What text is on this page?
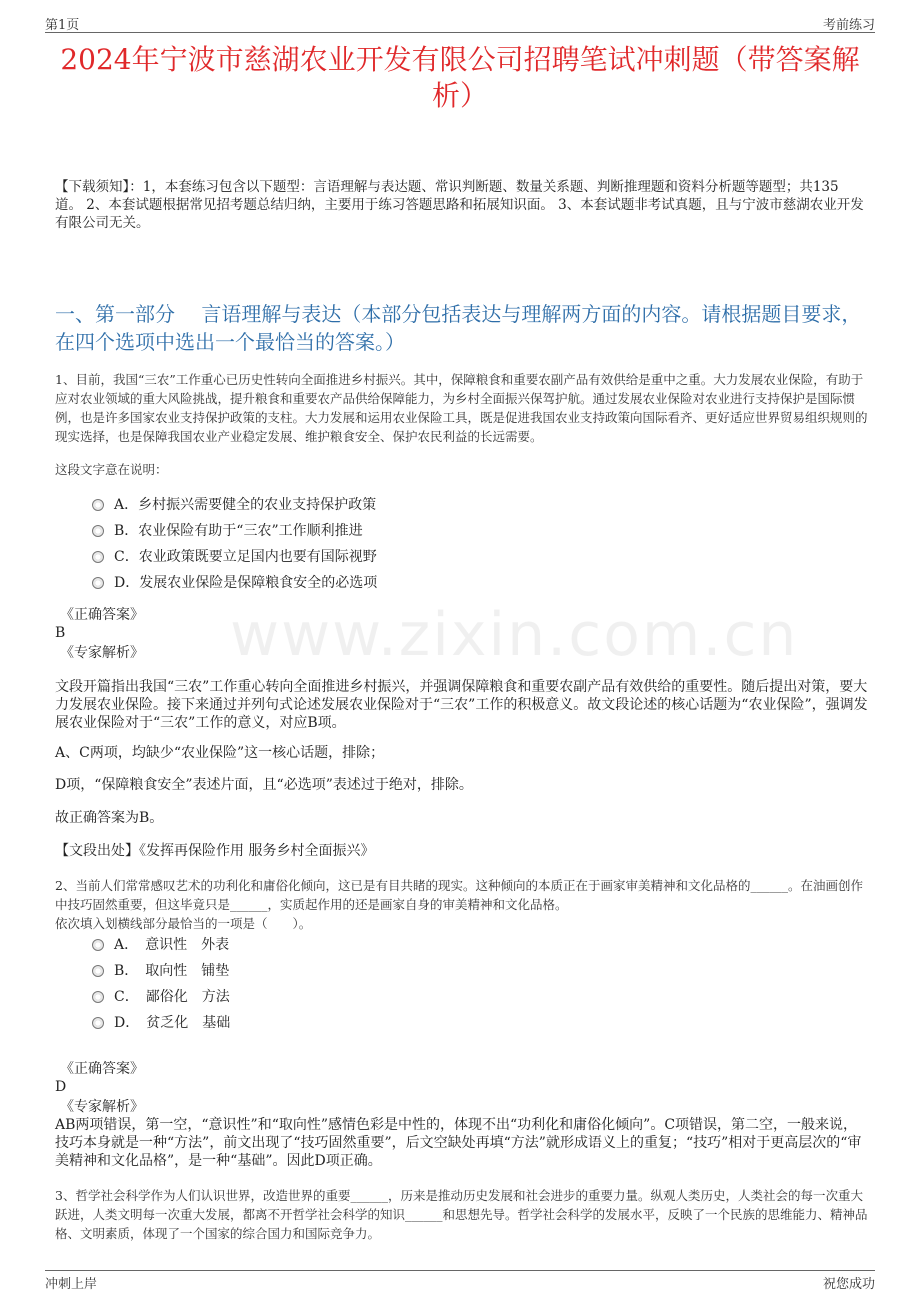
第1页	考前练习
2024年宁波市慈湖农业开发有限公司招聘笔试冲刺题（带答案解析）
【下载须知】：1，本套练习包含以下题型：言语理解与表达题、常识判断题、数量关系题、判断推理题和资料分析题等题型；共135道。 2、本套试题根据常见招考题总结归纳，主要用于练习答题思路和拓展知识面。 3、本套试题非考试真题，且与宁波市慈湖农业开发有限公司无关。
一、第一部分　 言语理解与表达（本部分包括表达与理解两方面的内容。请根据题目要求，在四个选项中选出一个最恰当的答案。）
www.zixin.com.cn
1、目前，我国“三农”工作重心已历史性转向全面推进乡村振兴。其中，保障粮食和重要农副产品有效供给是重中之重。大力发展农业保险，有助于应对农业领域的重大风险挑战，提升粮食和重要农产品供给保障能力，为乡村全面振兴保驾护航。通过发展农业保险对农业进行支持保护是国际惯例，也是许多国家农业支持保护政策的支柱。大力发展和运用农业保险工具，既是促进我国农业支持政策向国际看齐、更好适应世界贸易组织规则的现实选择，也是保障我国农业产业稳定发展、维护粮食安全、保护农民利益的长远需要。
这段文字意在说明：
A．乡村振兴需要健全的农业支持保护政策
B．农业保险有助于“三农”工作顺利推进
C．农业政策既要立足国内也要有国际视野
D．发展农业保险是保障粮食安全的必选项
《正确答案》
B
《专家解析》
文段开篇指出我国“三农”工作重心转向全面推进乡村振兴，并强调保障粮食和重要农副产品有效供给的重要性。随后提出对策，要大力发展农业保险。接下来通过并列句式论述发展农业保险对于“三农”工作的积极意义。故文段论述的核心话题为“农业保险”，强调发展农业保险对于“三农”工作的意义，对应B项。
A、C两项，均缺少“农业保险”这一核心话题，排除；
D项，“保障粮食安全”表述片面，且“必选项”表述过于绝对，排除。
故正确答案为B。
【文段出处】《发挥再保险作用 服务乡村全面振兴》
2、当前人们常常感叹艺术的功利化和庸俗化倾向，这已是有目共睹的现实。这种倾向的本质正在于画家审美精神和文化品格的______。在油画创作中技巧固然重要，但这毕竟只是______，实质起作用的还是画家自身的审美精神和文化品格。
依次填入划横线部分最恰当的一项是（　　）。
A．　意识性　外表
B．　取向性　铺垫
C．　鄙俗化　方法
D．　贫乏化　基础
《正确答案》
D
《专家解析》
AB两项错误，第一空，“意识性”和“取向性”感情色彩是中性的，体现不出“功利化和庸俗化倾向”。C项错误，第二空，一般来说，技巧本身就是一种“方法”，前文出现了“技巧固然重要”，后文空缺处再填“方法”就形成语义上的重复；“技巧”相对于更高层次的“审美精神和文化品格”，是一种“基础”。因此D项正确。
3、哲学社会科学作为人们认识世界，改造世界的重要______，历来是推动历史发展和社会进步的重要力量。纵观人类历史，人类社会的每一次重大跃进，人类文明每一次重大发展，都离不开哲学社会科学的知识______和思想先导。哲学社会科学的发展水平，反映了一个民族的思维能力、精神品格、文明素质，体现了一个国家的综合国力和国际竞争力。
冲刺上岸	祝您成功
